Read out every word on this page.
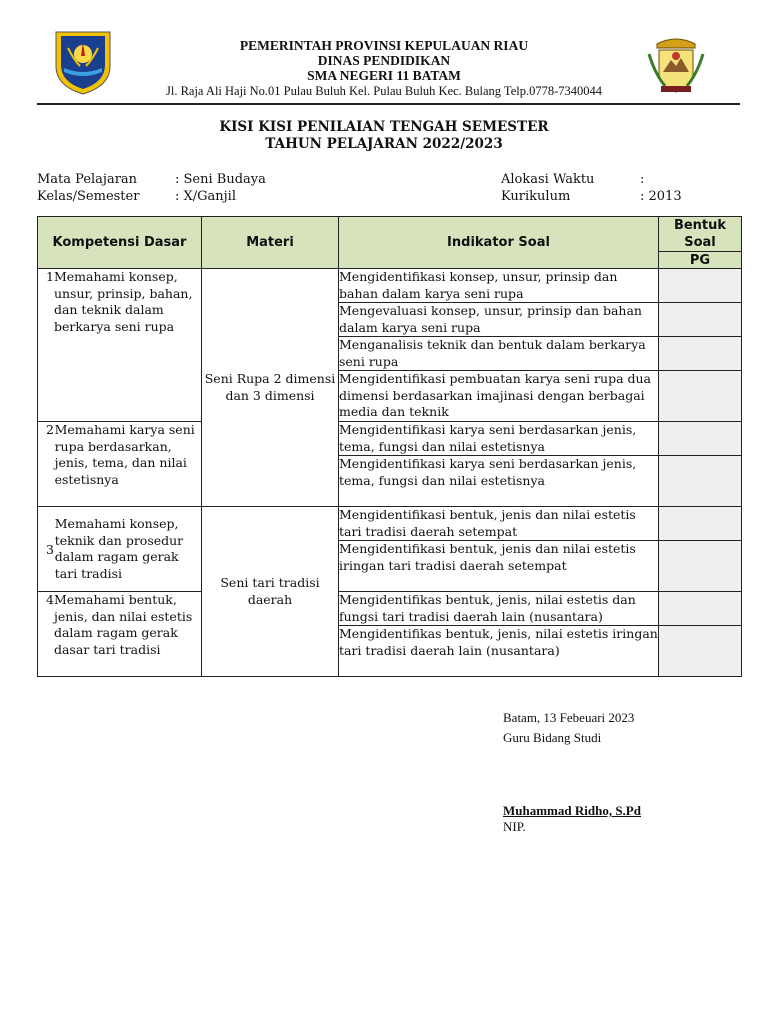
PEMERINTAH PROVINSI KEPULAUAN RIAU
DINAS PENDIDIKAN
SMA NEGERI 11 BATAM
Jl. Raja Ali Haji No.01 Pulau Buluh Kel. Pulau Buluh Kec. Bulang Telp.0778-7340044
KISI KISI PENILAIAN TENGAH SEMESTER
TAHUN PELAJARAN 2022/2023
Mata Pelajaran	: Seni Budaya
Kelas/Semester	: X/Ganjil
Alokasi Waktu	:
Kurikulum	: 2013
Kompetensi Dasar	Materi	Indikator Soal	Bentuk Soal
			PG

1 Memahami konsep, unsur, prinsip, bahan, dan teknik dalam berkarya seni rupa	Seni Rupa 2 dimensi dan 3 dimensi	Mengidentifikasi konsep, unsur, prinsip dan bahan dalam karya seni rupa	
		Mengevaluasi konsep, unsur, prinsip dan bahan dalam karya seni rupa	
		Menganalisis teknik dan bentuk dalam berkarya seni rupa	
		Mengidentifikasi pembuatan karya seni rupa dua dimensi berdasarkan imajinasi dengan berbagai media dan teknik	

2 Memahami karya seni rupa berdasarkan, jenis, tema, dan nilai estetisnya		Mengidentifikasi karya seni berdasarkan jenis, tema, fungsi dan nilai estetisnya	
		Mengidentifikasi karya seni berdasarkan jenis, tema, fungsi dan nilai estetisnya	

3
Memahami konsep, teknik dan prosedur dalam ragam gerak tari tradisi	Seni tari tradisi daerah	Mengidentifikasi bentuk, jenis dan nilai estetis tari tradisi daerah setempat	
		Mengidentifikasi bentuk, jenis dan nilai estetis iringan tari tradisi daerah setempat	

4 Memahami bentuk, jenis, dan nilai estetis dalam ragam gerak dasar tari tradisi		Mengidentifikas bentuk, jenis, nilai estetis dan fungsi tari tradisi daerah lain (nusantara)	
		Mengidentifikas bentuk, jenis, nilai estetis iringan tari tradisi daerah lain (nusantara)	
Batam, 13 Febeuari 2023
Guru Bidang Studi
Muhammad Ridho, S.Pd
NIP.
